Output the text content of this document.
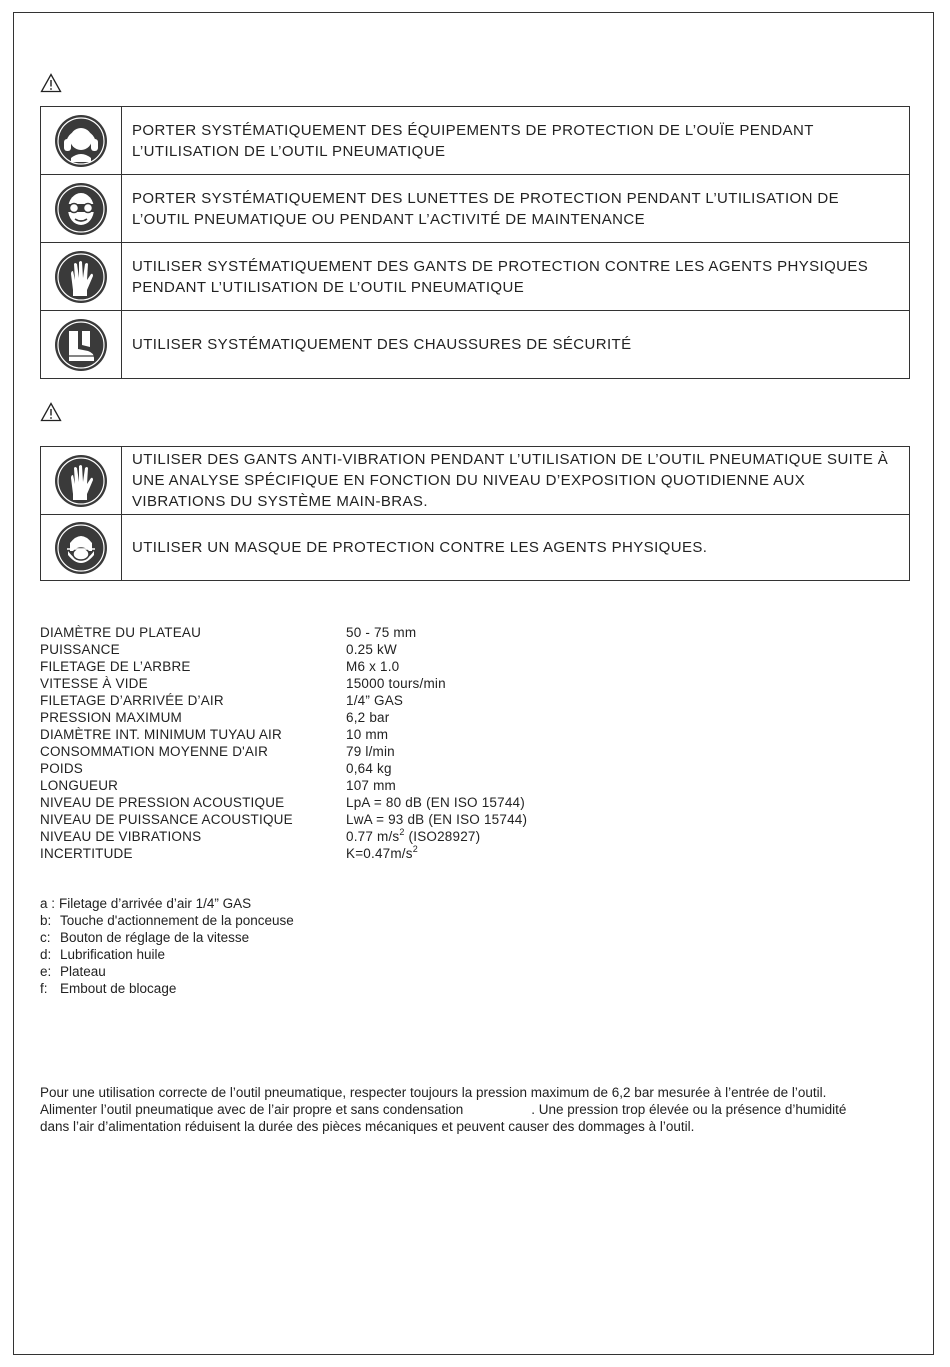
	PORTER SYSTÉMATIQUEMENT DES ÉQUIPEMENTS DE PROTECTION DE L’OUÏE PENDANT L’UTILISATION DE L’OUTIL PNEUMATIQUE
	PORTER SYSTÉMATIQUEMENT DES LUNETTES DE PROTECTION PENDANT L’UTILISATION DE L’OUTIL PNEUMATIQUE OU PENDANT L’ACTIVITÉ DE MAINTENANCE
	UTILISER SYSTÉMATIQUEMENT DES GANTS DE PROTECTION CONTRE LES AGENTS PHYSIQUES PENDANT L’UTILISATION DE L’OUTIL PNEUMATIQUE
	UTILISER SYSTÉMATIQUEMENT DES CHAUSSURES DE SÉCURITÉ
	UTILISER DES GANTS ANTI-VIBRATION PENDANT L’UTILISATION DE L’OUTIL PNEUMATIQUE SUITE À UNE ANALYSE SPÉCIFIQUE EN FONCTION DU NIVEAU D’EXPOSITION QUOTIDIENNE AUX VIBRATIONS DU SYSTÈME MAIN-BRAS.
	UTILISER UN MASQUE DE PROTECTION CONTRE LES AGENTS PHYSIQUES.
DIAMÈTRE DU PLATEAU	50 - 75 mm
PUISSANCE	0.25 kW
FILETAGE DE L’ARBRE	M6 x 1.0
VITESSE À VIDE	15000 tours/min
FILETAGE D’ARRIVÉE D’AIR	1/4” GAS
PRESSION MAXIMUM	6,2 bar
DIAMÈTRE INT. MINIMUM TUYAU AIR	10 mm
CONSOMMATION MOYENNE D'AIR	79 l/min
POIDS	0,64 kg
LONGUEUR	107 mm
NIVEAU DE PRESSION ACOUSTIQUE	LpA = 80 dB (EN ISO 15744)
NIVEAU DE PUISSANCE ACOUSTIQUE	LwA = 93 dB (EN ISO 15744)
NIVEAU DE VIBRATIONS	0.77 $m/s^2$ (ISO28927)
INCERTITUDE	$K=0.47m/s^2$
a : Filetage d’arrivée d’air 1/4” GAS
b: Touche d'actionnement de la ponceuse
c: Bouton de réglage de la vitesse
d: Lubrification huile
e: Plateau
f: Embout de blocage
Pour une utilisation correcte de l’outil pneumatique, respecter toujours la pression maximum de 6,2 bar mesurée à l’entrée de l’outil.
Alimenter l’outil pneumatique avec de l’air propre et sans condensation	. Une pression trop élevée ou la présence d’humidité
dans l’air d’alimentation réduisent la durée des pièces mécaniques et peuvent causer des dommages à l’outil.
